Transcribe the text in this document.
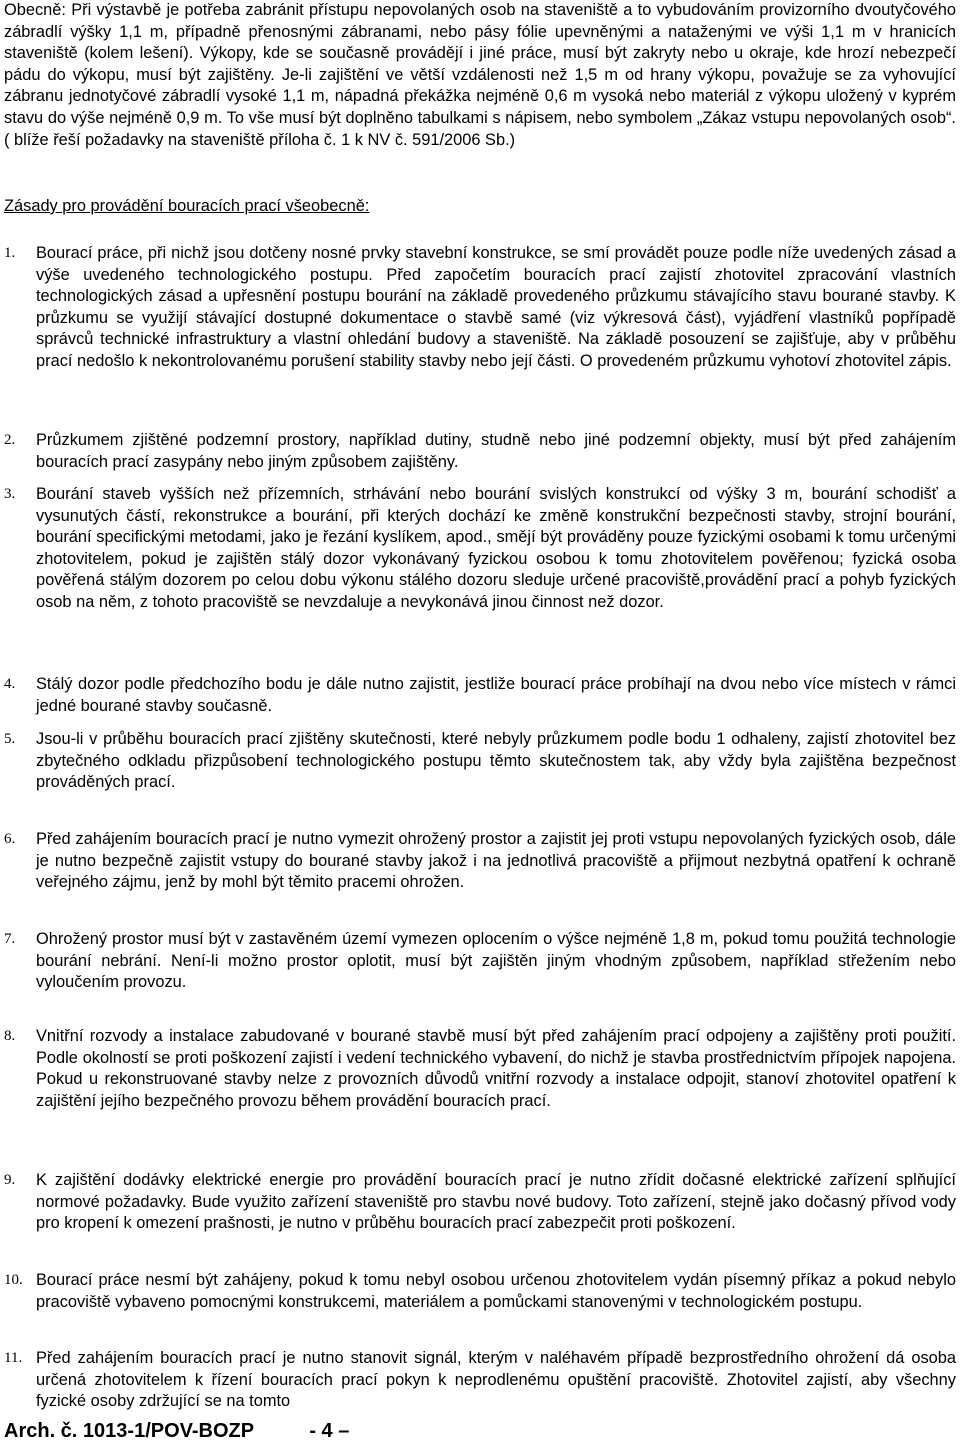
Obecně: Při výstavbě je potřeba zabránit přístupu nepovolaných osob na staveniště a to vybudováním provizorního dvoutyčového zábradlí výšky 1,1 m, případně přenosnými zábranami, nebo pásy fólie upevněnými a nataženými ve výši 1,1 m v hranicích staveniště (kolem lešení). Výkopy, kde se současně provádějí i jiné práce, musí být zakryty nebo u okraje, kde hrozí nebezpečí pádu do výkopu, musí být zajištěny. Je-li zajištění ve větší vzdálenosti než 1,5 m od hrany výkopu, považuje se za vyhovující zábranu jednotyčové zábradlí vysoké 1,1 m, nápadná překážka nejméně 0,6 m vysoká nebo materiál z výkopu uložený v kyprém stavu do výše nejméně 0,9 m. To vše musí být doplněno tabulkami s nápisem, nebo symbolem „Zákaz vstupu nepovolaných osob“. ( blíže řeší požadavky na staveniště příloha č. 1 k NV č. 591/2006 Sb.)

Zásady pro provádění bouracích prací všeobecně:

1. Bourací práce, při nichž jsou dotčeny nosné prvky stavební konstrukce, se smí provádět pouze podle níže uvedených zásad a výše uvedeného technologického postupu. Před započetím bouracích prací zajistí zhotovitel zpracování vlastních technologických zásad a upřesnění postupu bourání na základě provedeného průzkumu stávajícího stavu bourané stavby. K průzkumu se využijí stávající dostupné dokumentace o stavbě samé (viz výkresová část), vyjádření vlastníků popřípadě správců technické infrastruktury a vlastní ohledání budovy a staveniště. Na základě posouzení se zajišťuje, aby v průběhu prací nedošlo k nekontrolovanému porušení stability stavby nebo její části. O provedeném průzkumu vyhotoví zhotovitel zápis.

2. Průzkumem zjištěné podzemní prostory, například dutiny, studně nebo jiné podzemní objekty, musí být před zahájením bouracích prací zasypány nebo jiným způsobem zajištěny.

3. Bourání staveb vyšších než přízemních, strhávání nebo bourání svislých konstrukcí od výšky 3 m, bourání schodišť a vysunutých částí, rekonstrukce a bourání, při kterých dochází ke změně konstrukční bezpečnosti stavby, strojní bourání, bourání specifickými metodami, jako je řezání kyslíkem, apod., smějí být prováděny pouze fyzickými osobami k tomu určenými zhotovitelem, pokud je zajištěn stálý dozor vykonávaný fyzickou osobou k tomu zhotovitelem pověřenou; fyzická osoba pověřená stálým dozorem po celou dobu výkonu stálého dozoru sleduje určené pracoviště,provádění prací a pohyb fyzických osob na něm, z tohoto pracoviště se nevzdaluje a nevykonává jinou činnost než dozor.

4. Stálý dozor podle předchozího bodu je dále nutno zajistit, jestliže bourací práce probíhají na dvou nebo více místech v rámci jedné bourané stavby současně.

5. Jsou-li v průběhu bouracích prací zjištěny skutečnosti, které nebyly průzkumem podle bodu 1 odhaleny, zajistí zhotovitel bez zbytečného odkladu přizpůsobení technologického postupu těmto skutečnostem tak, aby vždy byla zajištěna bezpečnost prováděných prací.

6. Před zahájením bouracích prací je nutno vymezit ohrožený prostor a zajistit jej proti vstupu nepovolaných fyzických osob, dále je nutno bezpečně zajistit vstupy do bourané stavby jakož i na jednotlivá pracoviště a přijmout nezbytná opatření k ochraně veřejného zájmu, jenž by mohl být těmito pracemi ohrožen.

7. Ohrožený prostor musí být v zastavěném území vymezen oplocením o výšce nejméně 1,8 m, pokud tomu použitá technologie bourání nebrání. Není-li možno prostor oplotit, musí být zajištěn jiným vhodným způsobem, například střežením nebo vyloučením provozu.

8. Vnitřní rozvody a instalace zabudované v bourané stavbě musí být před zahájením prací odpojeny a zajištěny proti použití. Podle okolností se proti poškození zajistí i vedení technického vybavení, do nichž je stavba prostřednictvím přípojek napojena. Pokud u rekonstruované stavby nelze z provozních důvodů vnitřní rozvody a instalace odpojit, stanoví zhotovitel opatření k zajištění jejího bezpečného provozu během provádění bouracích prací.

9. K zajištění dodávky elektrické energie pro provádění bouracích prací je nutno zřídit dočasné elektrické zařízení splňující normové požadavky. Bude využito zařízení staveniště pro stavbu nové budovy. Toto zařízení, stejně jako dočasný přívod vody pro kropení k omezení prašnosti, je nutno v průběhu bouracích prací zabezpečit proti poškození.

10. Bourací práce nesmí být zahájeny, pokud k tomu nebyl osobou určenou zhotovitelem vydán písemný příkaz a pokud nebylo pracoviště vybaveno pomocnými konstrukcemi, materiálem a pomůckami stanovenými v technologickém postupu.

11. Před zahájením bouracích prací je nutno stanovit signál, kterým v naléhavém případě bezprostředního ohrožení dá osoba určená zhotovitelem k řízení bouracích prací pokyn k neprodlenému opuštění pracoviště. Zhotovitel zajistí, aby všechny fyzické osoby zdržující se na tomto

Arch. č. 1013-1/POV-BOZP	- 4 –
